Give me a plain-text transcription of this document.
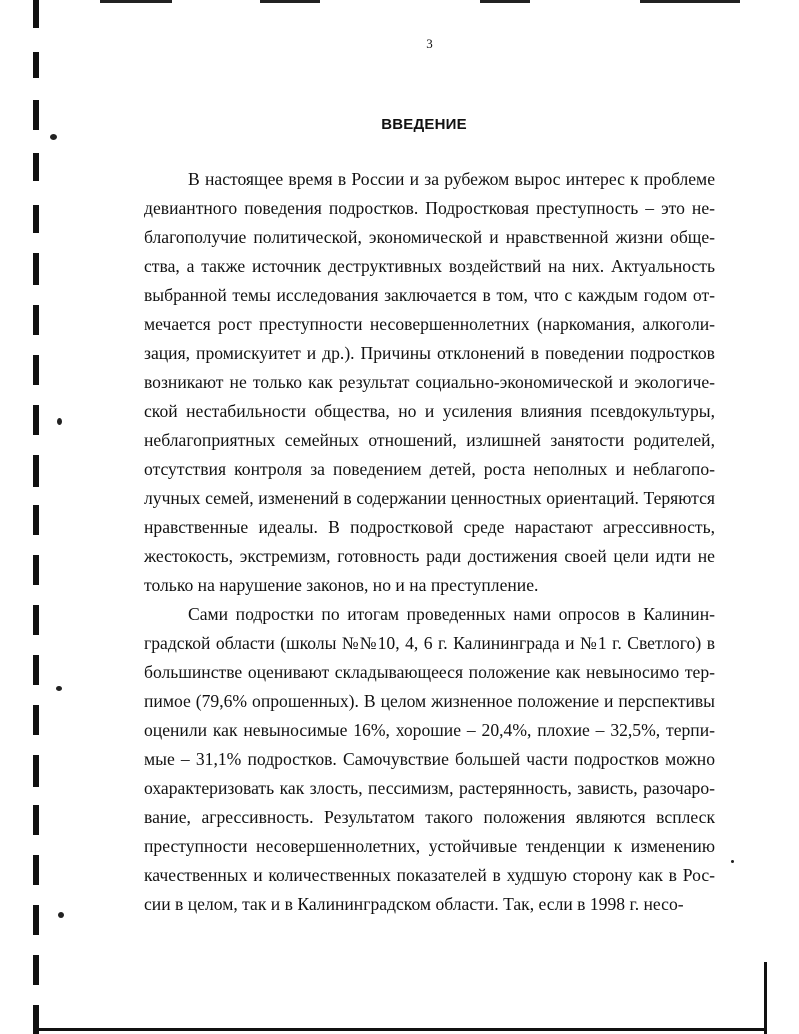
3
ВВЕДЕНИЕ

В настоящее время в России и за рубежом вырос интерес к проблеме девиантного поведения подростков. Подростковая преступность – это неблагополучие политической, экономической и нравственной жизни общества, а также источник деструктивных воздействий на них. Актуальность выбранной темы исследования заключается в том, что с каждым годом отмечается рост преступности несовершеннолетних (наркомания, алкоголизация, промискуитет и др.). Причины отклонений в поведении подростков возникают не только как результат социально-экономической и экологической нестабильности общества, но и усиления влияния псевдокультуры, неблагоприятных семейных отношений, излишней занятости родителей, отсутствия контроля за поведением детей, роста неполных и неблагополучных семей, изменений в содержании ценностных ориентаций. Теряются нравственные идеалы. В подростковой среде нарастают агрессивность, жестокость, экстремизм, готовность ради достижения своей цели идти не только на нарушение законов, но и на преступление.

Сами подростки по итогам проведенных нами опросов в Калининградской области (школы №№10, 4, 6 г. Калининграда и №1 г. Светлого) в большинстве оценивают складывающееся положение как невыносимо терпимое (79,6% опрошенных). В целом жизненное положение и перспективы оценили как невыносимые 16%, хорошие – 20,4%, плохие – 32,5%, терпимые – 31,1% подростков. Самочувствие большей части подростков можно охарактеризовать как злость, пессимизм, растерянность, зависть, разочарование, агрессивность. Результатом такого положения являются всплеск преступности несовершеннолетних, устойчивые тенденции к изменению качественных и количественных показателей в худшую сторону как в России в целом, так и в Калининградском области. Так, если в 1998 г. несо-
